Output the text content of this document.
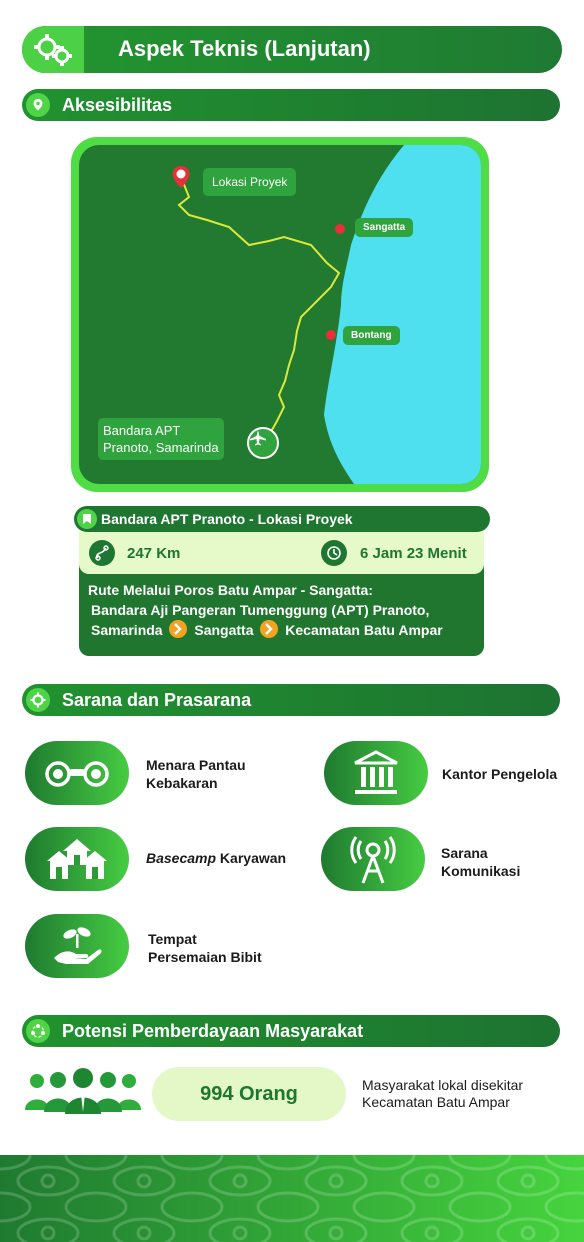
Aspek Teknis (Lanjutan)
Aksesibilitas
Lokasi Proyek
Sangatta
Bontang
Bandara APT
Pranoto, Samarinda
Bandara APT Pranoto - Lokasi Proyek
247 Km	6 Jam 23 Menit
Rute Melalui Poros Batu Ampar - Sangatta:
Bandara Aji Pangeran Tumenggung (APT) Pranoto,
Samarinda Sangatta Kecamatan Batu Ampar
Sarana dan Prasarana
Menara Pantau
Kebakaran
Kantor Pengelola
Basecamp Karyawan	Sarana
Komunikasi
Tempat
Persemaian Bibit
Potensi Pemberdayaan Masyarakat
994 Orang	Masyarakat lokal disekitar
Kecamatan Batu Ampar
